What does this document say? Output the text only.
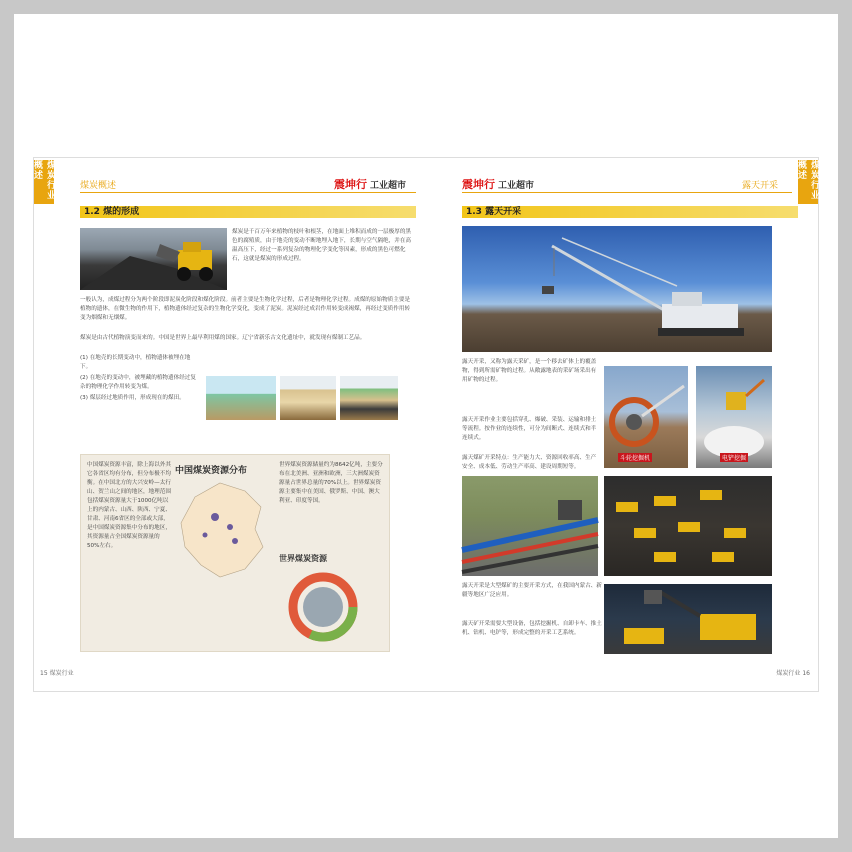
煤炭行业概述
煤炭概述	震坤行 工业超市
1.2 煤的形成
煤炭是千百万年来植物的枝叶和根茎，在地面上堆积而成的一层极厚的黑色的腐殖质，由于地壳的变动不断地埋入地下，长期与空气隔绝，并在高温高压下，经过一系列复杂的物理化学变化等因素，形成的黑色可燃化石，这就是煤炭的形成过程。
一般认为，成煤过程分为两个阶段即泥炭化阶段和煤化阶段。前者主要是生物化学过程，后者是物理化学过程。成煤的原始物质主要是植物的遗体，在微生物的作用下，植物遗体经过复杂的生物化学变化，变成了泥炭。泥炭经过成岩作用转变成褐煤，再经过变质作用转变为烟煤和无烟煤。
煤炭是由古代植物演变而来的。中国是世界上最早利用煤的国家。辽宁省新乐古文化遗址中，就发现有煤制工艺品。
(1) 在地壳的长期变动中，植物遗体被埋在地下。
(2) 在地壳的变动中，被埋藏的植物遗体经过复杂的物理化学作用转变为煤。
(3) 煤层经过地质作用，形成现在的煤田。
中国煤炭资源丰富，除上海以外其它各省区均有分布，但分布极不均衡。在中国北方的大兴安岭—太行山、贺兰山之间的地区，地理范围包括煤炭资源量大于1000亿吨以上的内蒙古、山西、陕西、宁夏、甘肃、河南6省区的全部或大部，是中国煤炭资源集中分布的地区，其资源量占全国煤炭资源量的50%左右。
中国煤炭资源分布
世界煤炭资源储量约为8642亿吨，主要分布在北美洲、亚洲和欧洲，三大洲煤炭资源量占世界总量的70%以上。世界煤炭资源主要集中在美国、俄罗斯、中国、澳大利亚、印度等国。
世界煤炭资源
15 煤炭行业
煤炭行业概述
震坤行 工业超市	露天开采
1.3 露天开采
露天开采，又称为露天采矿，是一个移去矿体上的覆盖物，得到所需矿物的过程。从敞露地表的采矿场采出有用矿物的过程。
露天开采作业主要包括穿孔、爆破、采装、运输和排土等流程。按作业的连续性，可分为间断式、连续式和半连续式。
露天煤矿开采特点：生产能力大、资源回收率高、生产安全、成本低、劳动生产率高、建设周期短等。
斗轮挖掘机	电铲挖掘
露天开采是大型煤矿的主要开采方式，在我国内蒙古、新疆等地区广泛应用。
露天矿开采需要大型设备，包括挖掘机、自卸卡车、推土机、钻机、电铲等，形成完整的开采工艺系统。
煤炭行业 16
